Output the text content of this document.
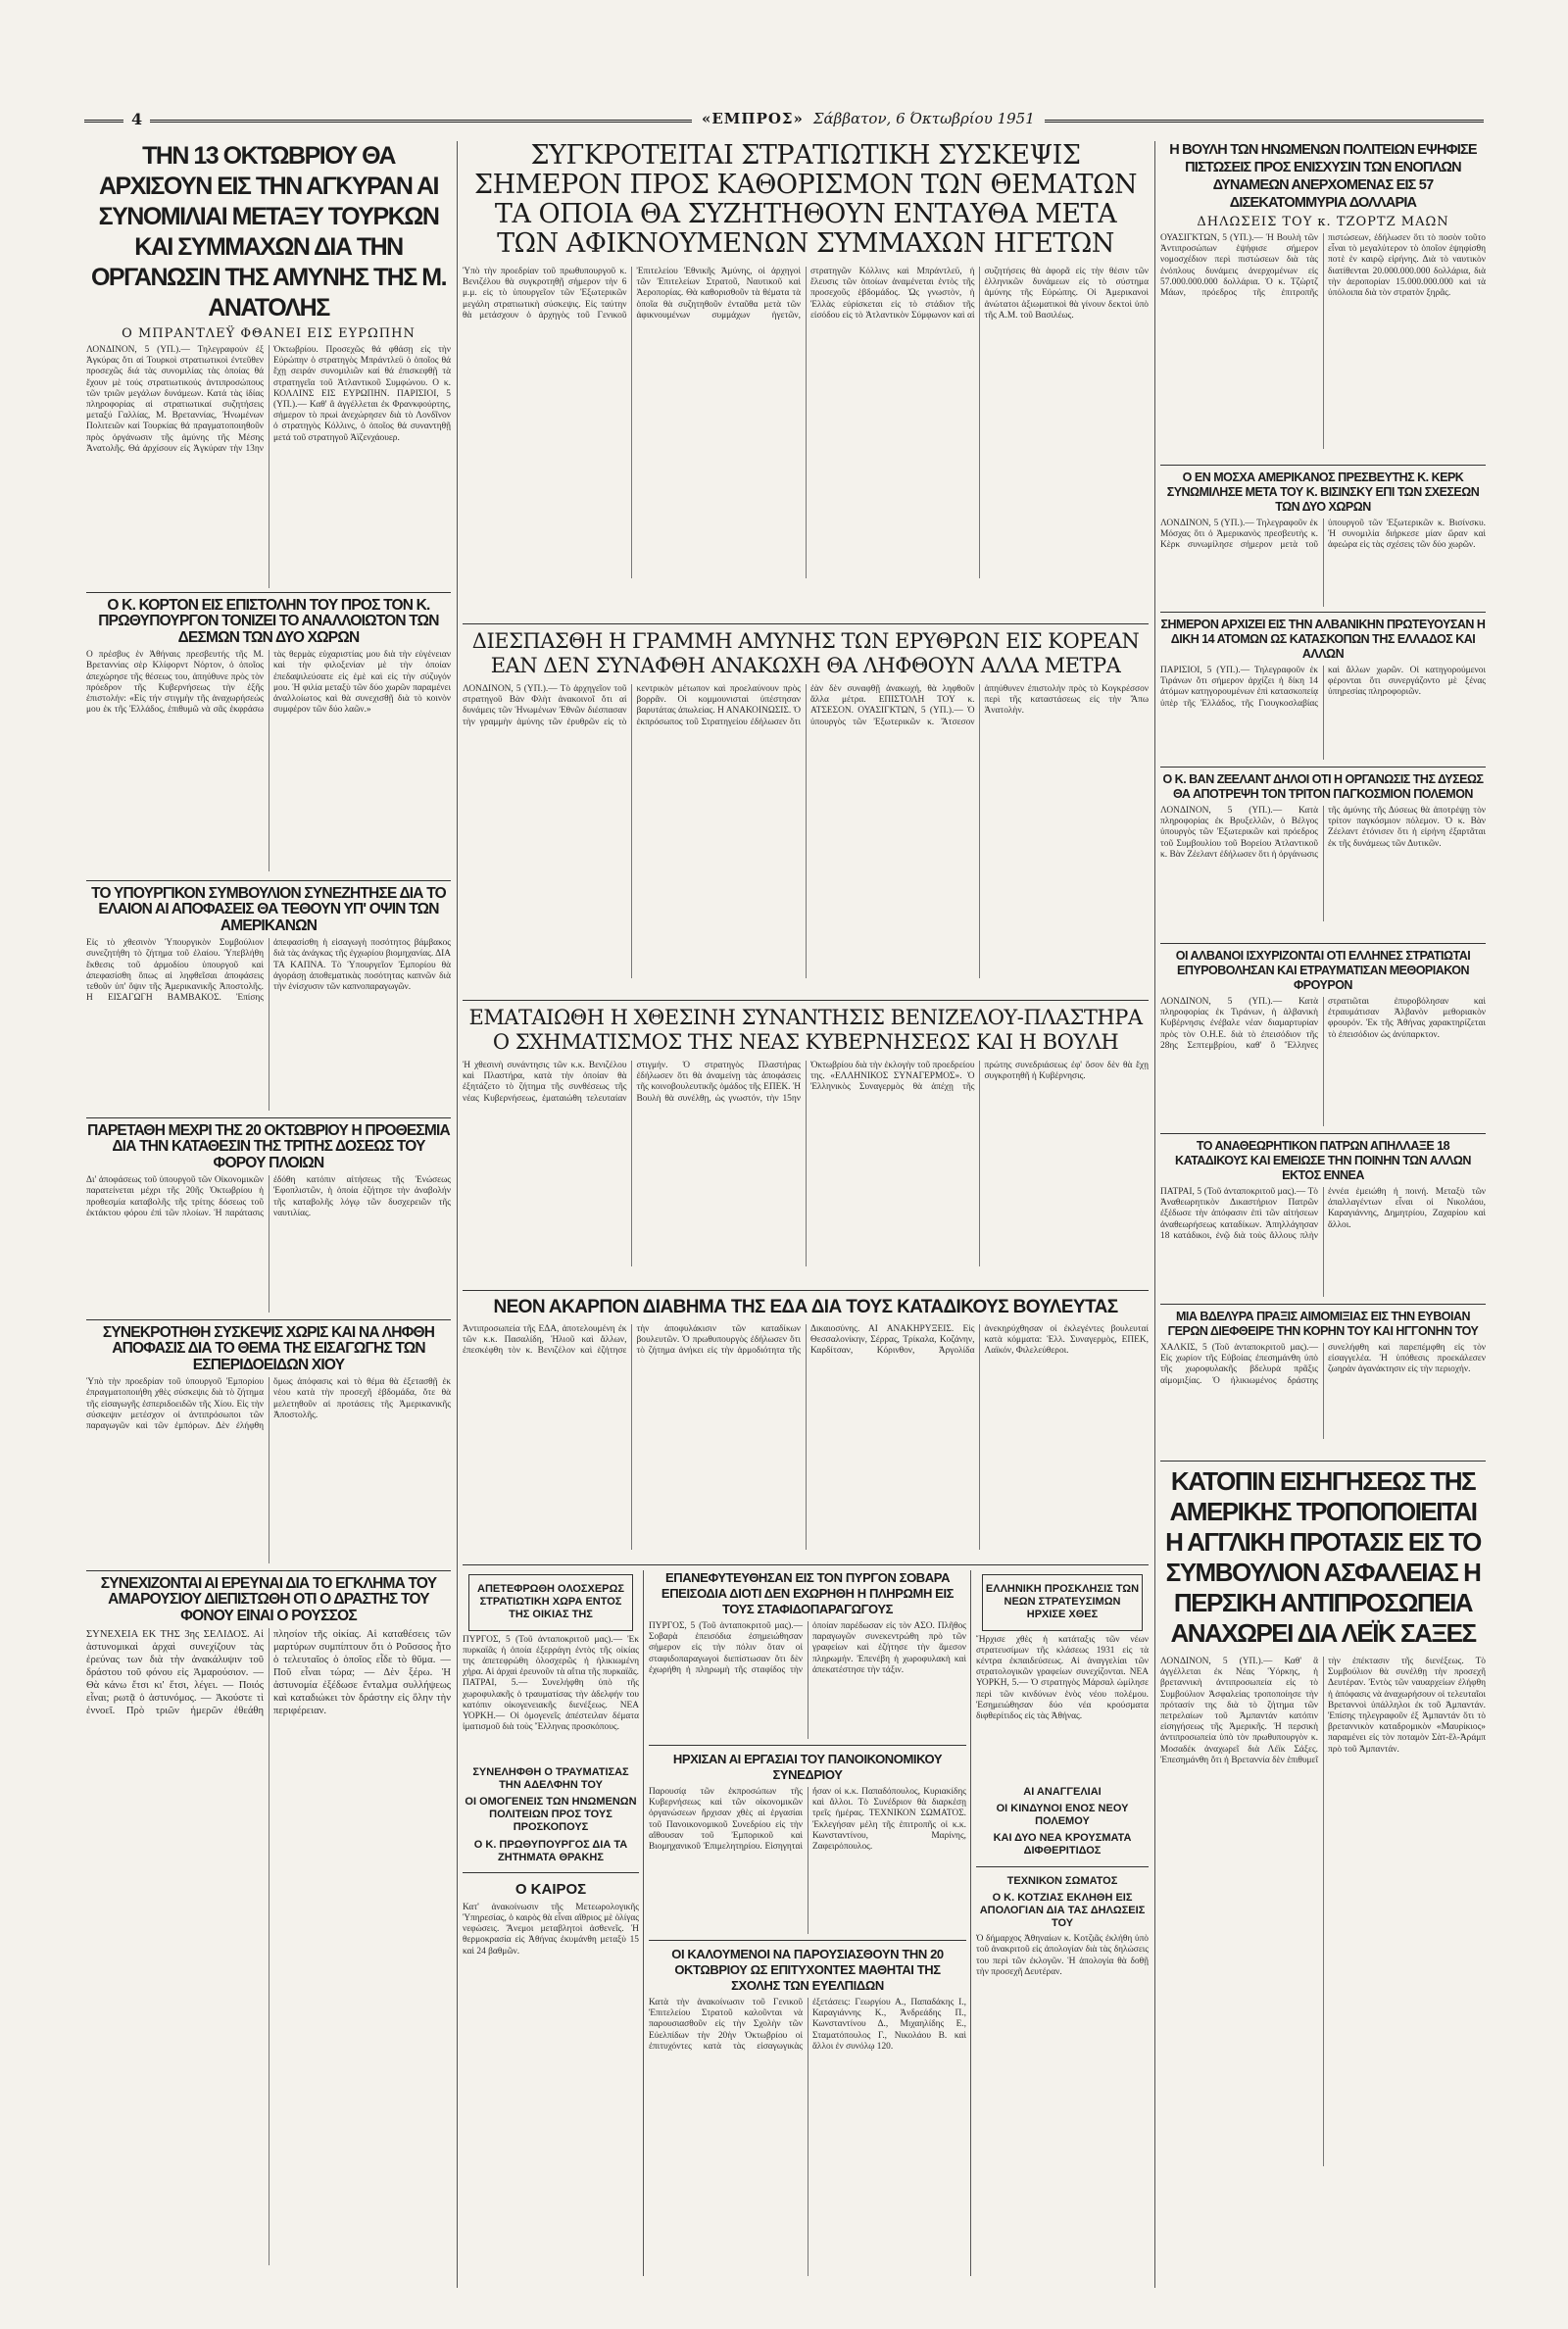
4	«ΕΜΠΡΟΣ» Σάββατον, 6 Όκτωβρίου 1951
ΤΗΝ 13 ΟΚΤΩΒΡΙΟΥ ΘΑ ΑΡΧΙΣΟΥΝ ΕΙΣ ΤΗΝ ΑΓΚΥΡΑΝ ΑΙ ΣΥΝΟΜΙΛΙΑΙ ΜΕΤΑΞΥ ΤΟΥΡΚΩΝ ΚΑΙ ΣΥΜΜΑΧΩΝ ΔΙΑ ΤΗΝ ΟΡΓΑΝΩΣΙΝ ΤΗΣ ΑΜΥΝΗΣ ΤΗΣ Μ. ΑΝΑΤΟΛΗΣ
Ο ΜΠΡΑΝΤΛΕΫ ΦΘΑΝΕΙ ΕΙΣ ΕΥΡΩΠΗΝ
ΛΟΝΔΙΝΟΝ, 5 (ΥΠ.).— Τηλεγραφούν ἐξ Ἀγκύρας ὅτι αἱ Τουρκοὶ στρατιωτικοὶ ἐντεῦθεν προσεχῶς διά τὰς συνομιλίας τὰς ὁποίας θά ἔχουν μὲ τούς στρατιωτικούς ἀντιπροσώπους τῶν τριῶν μεγάλων δυνάμεων. Κατά τὰς ἰδίας πληροφορίας αἱ στρατιωτικαί συζητήσεις μεταξύ Γαλλίας, Μ. Βρεταννίας, Ἡνωμένων Πολιτειῶν καί Τουρκίας θά πραγματοποιηθοῦν πρὸς ὀργάνωσιν τῆς ἀμύνης τῆς Μέσης Ἀνατολῆς. Θά ἀρχίσουν εἰς Ἀγκύραν τὴν 13ην Ὀκτωβρίου. Προσεχῶς θά φθάσῃ εἰς τὴν Εὐρώπην ὁ στρατηγὸς Μπράντλεϋ ὁ ὁποῖος θά ἔχῃ σειράν συνομιλιῶν καί θά ἐπισκεφθῇ τὰ στρατηγεῖα τοῦ Ἀτλαντικοῦ Συμφώνου. Ο κ. ΚΟΛΛΙΝΣ ΕΙΣ ΕΥΡΩΠΗΝ. ΠΑΡΙΣΙΟΙ, 5 (ΥΠ.).— Καθ' ἃ ἀγγέλλεται ἐκ Φρανκφούρτης, σήμερον τὸ πρωὶ ἀνεχώρησεν διὰ τὸ Λονδῖνον ὁ στρατηγὸς Κόλλινς, ὁ ὁποῖος θά συναντηθῇ μετά τοῦ στρατηγοῦ Ἀϊζενχάουερ.
Ο Κ. ΚΟΡΤΟΝ ΕΙΣ ΕΠΙΣΤΟΛΗΝ ΤΟΥ ΠΡΟΣ ΤΟΝ Κ. ΠΡΩΘΥΠΟΥΡΓΟΝ ΤΟΝΙΖΕΙ ΤΟ ΑΝΑΛΛΟΙΩΤΟΝ ΤΩΝ ΔΕΣΜΩΝ ΤΩΝ ΔΥΟ ΧΩΡΩΝ
Ο πρέσβυς ἐν Ἀθήναις πρεσβευτής τῆς Μ. Βρεταννίας σὲρ Κλίφορντ Νόρτον, ὁ ὁποῖος ἀπεχώρησε τῆς θέσεως του, ἀπηύθυνε πρὸς τὸν πρόεδρον τῆς Κυβερνήσεως τὴν ἑξῆς ἐπιστολήν: «Εἰς τήν στιγμὴν τῆς ἀναχωρήσεώς μου ἐκ τῆς Ἑλλάδος, ἐπιθυμῶ νὰ σᾶς ἐκφράσω τὰς θερμὰς εὐχαριστίας μου διὰ τὴν εὐγένειαν καὶ τὴν φιλοξενίαν μὲ τὴν ὁποίαν ἐπεδαψιλεύσατε εἰς ἐμὲ καὶ εἰς τὴν σύζυγόν μου. Ἡ φιλία μεταξὺ τῶν δύο χωρῶν παραμένει ἀναλλοίωτος καὶ θὰ συνεχισθῇ διὰ τὸ κοινὸν συμφέρον τῶν δύο λαῶν.»
ΤΟ ΥΠΟΥΡΓΙΚΟΝ ΣΥΜΒΟΥΛΙΟΝ ΣΥΝΕΖΗΤΗΣΕ ΔΙΑ ΤΟ ΕΛΑΙΟΝ ΑΙ ΑΠΟΦΑΣΕΙΣ ΘΑ ΤΕΘΟΥΝ ΥΠ' ΟΨΙΝ ΤΩΝ ΑΜΕΡΙΚΑΝΩΝ
Εἰς τὸ χθεσινὸν Ὑπουργικὸν Συμβούλιον συνεζητήθη τὸ ζήτημα τοῦ ἐλαίου. Ὑπεβλήθη ἔκθεσις τοῦ ἁρμοδίου ὑπουργοῦ καὶ ἀπεφασίσθη ὅπως αἱ ληφθεῖσαι ἀποφάσεις τεθοῦν ὑπ' ὄψιν τῆς Ἀμερικανικῆς Ἀποστολῆς. Η ΕΙΣΑΓΩΓΗ ΒΑΜΒΑΚΟΣ. Ἐπίσης ἀπεφασίσθη ἡ εἰσαγωγὴ ποσότητος βάμβακος διὰ τὰς ἀνάγκας τῆς ἐγχωρίου βιομηχανίας. ΔΙΑ ΤΑ ΚΑΠΝΑ. Τὸ Ὑπουργεῖον Ἐμπορίου θὰ ἀγοράσῃ ἀποθεματικὰς ποσότητας καπνῶν διὰ τὴν ἐνίσχυσιν τῶν καπνοπαραγωγῶν.
ΠΑΡΕΤΑΘΗ ΜΕΧΡΙ ΤΗΣ 20 ΟΚΤΩΒΡΙΟΥ Η ΠΡΟΘΕΣΜΙΑ ΔΙΑ ΤΗΝ ΚΑΤΑΘΕΣΙΝ ΤΗΣ ΤΡΙΤΗΣ ΔΟΣΕΩΣ ΤΟΥ ΦΟΡΟΥ ΠΛΟΙΩΝ
Δι' ἀποφάσεως τοῦ ὑπουργοῦ τῶν Οἰκονομικῶν παρατείνεται μέχρι τῆς 20ῆς Ὀκτωβρίου ἡ προθεσμία καταβολῆς τῆς τρίτης δόσεως τοῦ ἐκτάκτου φόρου ἐπὶ τῶν πλοίων. Ἡ παράτασις ἐδόθη κατόπιν αἰτήσεως τῆς Ἑνώσεως Ἐφοπλιστῶν, ἡ ὁποία ἐζήτησε τὴν ἀναβολήν τῆς καταβολῆς λόγῳ τῶν δυσχερειῶν τῆς ναυτιλίας.
ΣΥΝΕΚΡΟΤΗΘΗ ΣΥΣΚΕΨΙΣ ΧΩΡΙΣ ΚΑΙ ΝΑ ΛΗΦΘΗ ΑΠΟΦΑΣΙΣ ΔΙΑ ΤΟ ΘΕΜΑ ΤΗΣ ΕΙΣΑΓΩΓΗΣ ΤΩΝ ΕΣΠΕΡΙΔΟΕΙΔΩΝ ΧΙΟΥ
Ὑπὸ τὴν προεδρίαν τοῦ ὑπουργοῦ Ἐμπορίου ἐπραγματοποιήθη χθὲς σύσκεψις διὰ τὸ ζήτημα τῆς εἰσαγωγῆς ἐσπεριδοειδῶν τῆς Χίου. Εἰς τὴν σύσκεψιν μετέσχον οἱ ἀντιπρόσωποι τῶν παραγωγῶν καὶ τῶν ἐμπόρων. Δὲν ἐλήφθη ὅμως ἀπόφασις καὶ τὸ θέμα θὰ ἐξετασθῇ ἐκ νέου κατὰ τὴν προσεχῆ ἑβδομάδα, ὅτε θὰ μελετηθοῦν αἱ προτάσεις τῆς Ἀμερικανικῆς Ἀποστολῆς.
ΣΥΝΕΧΙΖΟΝΤΑΙ ΑΙ ΕΡΕΥΝΑΙ ΔΙΑ ΤΟ ΕΓΚΛΗΜΑ ΤΟΥ ΑΜΑΡΟΥΣΙΟΥ ΔΙΕΠΙΣΤΩΘΗ ΟΤΙ Ο ΔΡΑΣΤΗΣ ΤΟΥ ΦΟΝΟΥ ΕΙΝΑΙ Ο ΡΟΥΣΣΟΣ
ΣΥΝΕΧΕΙΑ ΕΚ ΤΗΣ 3ης ΣΕΛΙΔΟΣ. Αἱ ἀστυνομικαὶ ἀρχαὶ συνεχίζουν τὰς ἐρεύνας των διὰ τὴν ἀνακάλυψιν τοῦ δράστου τοῦ φόνου εἰς Ἀμαρούσιον. — Θὰ κάνω ἔτσι κι' ἔτσι, λέγει. — Ποιός εἶναι; ρωτᾷ ὁ ἀστυνόμος. — Ἀκούστε τὶ ἐννοεῖ. Πρὸ τριῶν ἡμερῶν ἐθεάθη πλησίον τῆς οἰκίας. Αἱ καταθέσεις τῶν μαρτύρων συμπίπτουν ὅτι ὁ Ροῦσσος ἦτο ὁ τελευταῖος ὁ ὁποῖος εἶδε τὸ θῦμα. — Ποῦ εἶναι τώρα; — Δὲν ξέρω. Ἡ ἀστυνομία ἐξέδωσε ἔνταλμα συλλήψεως καὶ καταδιώκει τὸν δράστην εἰς ὅλην τὴν περιφέρειαν.
ΣΥΓΚΡΟΤΕΙΤΑΙ ΣΤΡΑΤΙΩΤΙΚΗ ΣΥΣΚΕΨΙΣ ΣΗΜΕΡΟΝ ΠΡΟΣ ΚΑΘΟΡΙΣΜΟΝ ΤΩΝ ΘΕΜΑΤΩΝ ΤΑ ΟΠΟΙΑ ΘΑ ΣΥΖΗΤΗΘΟΥΝ ΕΝΤΑΥΘΑ ΜΕΤΑ ΤΩΝ ΑΦΙΚΝΟΥΜΕΝΩΝ ΣΥΜΜΑΧΩΝ ΗΓΕΤΩΝ
Ὑπὸ τὴν προεδρίαν τοῦ πρωθυπουργοῦ κ. Βενιζέλου θὰ συγκροτηθῇ σήμερον τὴν 6 μ.μ. εἰς τὸ ὑπουργεῖον τῶν Ἐξωτερικῶν μεγάλη στρατιωτικὴ σύσκεψις. Εἰς ταύτην θὰ μετάσχουν ὁ ἀρχηγὸς τοῦ Γενικοῦ Ἐπιτελείου Ἐθνικῆς Ἀμύνης, οἱ ἀρχηγοὶ τῶν Ἐπιτελείων Στρατοῦ, Ναυτικοῦ καὶ Ἀεροπορίας. Θὰ καθορισθοῦν τὰ θέματα τὰ ὁποῖα θὰ συζητηθοῦν ἐνταῦθα μετὰ τῶν ἀφικνουμένων συμμάχων ἡγετῶν, στρατηγῶν Κόλλινς καὶ Μπράντλεϋ, ἡ ἔλευσις τῶν ὁποίων ἀναμένεται ἐντὸς τῆς προσεχοῦς ἑβδομάδος. Ὡς γνωστὸν, ἡ Ἑλλὰς εὑρίσκεται εἰς τὸ στάδιον τῆς εἰσόδου εἰς τὸ Ἀτλαντικὸν Σύμφωνον καὶ αἱ συζητήσεις θὰ ἀφορᾶ εἰς τὴν θέσιν τῶν ἑλληνικῶν δυνάμεων εἰς τὸ σύστημα ἀμύνης τῆς Εὐρώπης. Οἱ Ἀμερικανοὶ ἀνώτατοι ἀξιωματικοὶ θὰ γίνουν δεκτοὶ ὑπὸ τῆς Α.Μ. τοῦ Βασιλέως.
ΔΙΕΣΠΑΣΘΗ Η ΓΡΑΜΜΗ ΑΜΥΝΗΣ ΤΩΝ ΕΡΥΘΡΩΝ ΕΙΣ ΚΟΡΕΑΝ ΕΑΝ ΔΕΝ ΣΥΝΑΦΘΗ ΑΝΑΚΩΧΗ ΘΑ ΛΗΦΘΟΥΝ ΑΛΛΑ ΜΕΤΡΑ
ΛΟΝΔΙΝΟΝ, 5 (ΥΠ.).— Τὸ ἀρχηγεῖον τοῦ στρατηγοῦ Βὰν Φλὴτ ἀνακοινοῖ ὅτι αἱ δυνάμεις τῶν Ἡνωμένων Ἐθνῶν διέσπασαν τὴν γραμμὴν ἀμύνης τῶν ἐρυθρῶν εἰς τὸ κεντρικὸν μέτωπον καὶ προελαύνουν πρὸς βορρᾶν. Οἱ κομμουνισταὶ ὑπέστησαν βαρυτάτας ἀπωλείας. Η ΑΝΑΚΟΙΝΩΣΙΣ. Ὁ ἐκπρόσωπος τοῦ Στρατηγείου ἐδήλωσεν ὅτι ἐὰν δὲν συναφθῇ ἀνακωχή, θὰ ληφθοῦν ἄλλα μέτρα. ΕΠΙΣΤΟΛΗ ΤΟΥ κ. ΑΤΣΕΣΟΝ. ΟΥΑΣΙΓΚΤΩΝ, 5 (ΥΠ.).— Ὁ ὑπουργὸς τῶν Ἐξωτερικῶν κ. Ἄτσεσον ἀπηύθυνεν ἐπιστολὴν πρὸς τὸ Κογκρέσσον περὶ τῆς καταστάσεως εἰς τὴν Ἄπω Ἀνατολὴν.
ΕΜΑΤΑΙΩΘΗ Η ΧΘΕΣΙΝΗ ΣΥΝΑΝΤΗΣΙΣ ΒΕΝΙΖΕΛΟΥ-ΠΛΑΣΤΗΡΑ Ο ΣΧΗΜΑΤΙΣΜΟΣ ΤΗΣ ΝΕΑΣ ΚΥΒΕΡΝΗΣΕΩΣ ΚΑΙ Η ΒΟΥΛΗ
Ἡ χθεσινὴ συνάντησις τῶν κ.κ. Βενιζέλου καὶ Πλαστήρα, κατὰ τὴν ὁποίαν θὰ ἐξητάζετο τὸ ζήτημα τῆς συνθέσεως τῆς νέας Κυβερνήσεως, ἐματαιώθη τελευταίαν στιγμήν. Ὁ στρατηγὸς Πλαστήρας ἐδήλωσεν ὅτι θὰ ἀναμείνῃ τὰς ἀποφάσεις τῆς κοινοβουλευτικῆς ὁμάδος τῆς ΕΠΕΚ. Ἡ Βουλὴ θὰ συνέλθῃ, ὡς γνωστόν, τὴν 15ην Ὀκτωβρίου διὰ τὴν ἐκλογὴν τοῦ προεδρείου της. «ΕΛΛΗΝΙΚΟΣ ΣΥΝΑΓΕΡΜΟΣ». Ὁ Ἑλληνικὸς Συναγερμὸς θὰ ἀπέχῃ τῆς πρώτης συνεδριάσεως ἐφ' ὅσον δὲν θὰ ἔχῃ συγκροτηθῆ ἡ Κυβέρνησις.
ΝΕΟΝ ΑΚΑΡΠΟΝ ΔΙΑΒΗΜΑ ΤΗΣ ΕΔΑ ΔΙΑ ΤΟΥΣ ΚΑΤΑΔΙΚΟΥΣ ΒΟΥΛΕΥΤΑΣ
Ἀντιπροσωπεία τῆς ΕΔΑ, ἀποτελουμένη ἐκ τῶν κ.κ. Πασαλίδη, Ἠλιοῦ καὶ ἄλλων, ἐπεσκέφθη τὸν κ. Βενιζέλον καὶ ἐζήτησε τὴν ἀποφυλάκισιν τῶν καταδίκων βουλευτῶν. Ὁ πρωθυπουργὸς ἐδήλωσεν ὅτι τὸ ζήτημα ἀνήκει εἰς τὴν ἁρμοδιότητα τῆς Δικαιοσύνης. ΑΙ ΑΝΑΚΗΡΥΞΕΙΣ. Εἰς Θεσσαλονίκην, Σέρρας, Τρίκαλα, Κοζάνην, Καρδίτσαν, Κόρινθον, Ἀργολίδα ἀνεκηρύχθησαν οἱ ἐκλεγέντες βουλευταί κατὰ κόμματα: Ἑλλ. Συναγερμὸς, ΕΠΕΚ, Λαϊκόν, Φιλελεύθεροι.
ΑΠΕΤΕΦΡΩΘΗ ΟΛΟΣΧΕΡΩΣ ΣΤΡΑΤΙΩΤΙΚΗ ΧΩΡΑ ΕΝΤΟΣ ΤΗΣ ΟΙΚΙΑΣ ΤΗΣ
ΠΥΡΓΟΣ, 5 (Τοῦ ἀνταποκριτοῦ μας).— Ἐκ πυρκαϊᾶς ἡ ὁποία ἐξερράγη ἐντὸς τῆς οἰκίας της ἀπετεφρώθη ὁλοσχερῶς ἡ ἡλικιωμένη χήρα. Αἱ ἀρχαὶ ἐρευνοῦν τὰ αἴτια τῆς πυρκαϊᾶς. ΠΑΤΡΑΙ, 5.— Συνελήφθη ὑπὸ τῆς χωροφυλακῆς ὁ τραυματίσας τὴν ἀδελφήν του κατόπιν οἰκογενειακῆς διενέξεως. ΝΕΑ ΥΟΡΚΗ.— Οἱ ὁμογενεῖς ἀπέστειλαν δέματα ἱματισμοῦ διὰ τοὺς Ἕλληνας προσκόπους.
ΣΥΝΕΛΗΦΘΗ Ο ΤΡΑΥΜΑΤΙΣΑΣ ΤΗΝ ΑΔΕΛΦΗΝ ΤΟΥ
ΟΙ ΟΜΟΓΕΝΕΙΣ ΤΩΝ ΗΝΩΜΕΝΩΝ ΠΟΛΙΤΕΙΩΝ ΠΡΟΣ ΤΟΥΣ ΠΡΟΣΚΟΠΟΥΣ
Ο Κ. ΠΡΩΘΥΠΟΥΡΓΟΣ ΔΙΑ ΤΑ ΖΗΤΗΜΑΤΑ ΘΡΑΚΗΣ
Ο ΚΑΙΡΟΣ
Κατ' ἀνακοίνωσιν τῆς Μετεωρολογικῆς Ὑπηρεσίας, ὁ καιρὸς θὰ εἶναι αἴθριος μὲ ὀλίγας νεφώσεις. Ἄνεμοι μεταβλητοὶ ἀσθενεῖς. Ἡ θερμοκρασία εἰς Ἀθήνας ἐκυμάνθη μεταξὺ 15 καὶ 24 βαθμῶν.
ΕΠΑΝΕΦΥΤΕΥΘΗΣΑΝ ΕΙΣ ΤΟΝ ΠΥΡΓΟΝ ΣΟΒΑΡΑ ΕΠΕΙΣΟΔΙΑ ΔΙΟΤΙ ΔΕΝ ΕΧΩΡΗΘΗ Η ΠΛΗΡΩΜΗ ΕΙΣ ΤΟΥΣ ΣΤΑΦΙΔΟΠΑΡΑΓΩΓΟΥΣ
ΠΥΡΓΟΣ, 5 (Τοῦ ἀνταποκριτοῦ μας).— Σοβαρὰ ἐπεισόδια ἐσημειώθησαν σήμερον εἰς τὴν πόλιν ὅταν οἱ σταφιδοπαραγωγοὶ διεπίστωσαν ὅτι δὲν ἐχωρήθη ἡ πληρωμὴ τῆς σταφίδος τὴν ὁποίαν παρέδωσαν εἰς τὸν ΑΣΟ. Πλῆθος παραγωγῶν συνεκεντρώθη πρὸ τῶν γραφείων καὶ ἐζήτησε τὴν ἄμεσον πληρωμήν. Ἐπενέβη ἡ χωροφυλακὴ καὶ ἀπεκατέστησε τὴν τάξιν.
ΗΡΧΙΣΑΝ ΑΙ ΕΡΓΑΣΙΑΙ ΤΟΥ ΠΑΝΟΙΚΟΝΟΜΙΚΟΥ ΣΥΝΕΔΡΙΟΥ
Παρουσίᾳ τῶν ἐκπροσώπων τῆς Κυβερνήσεως καὶ τῶν οἰκονομικῶν ὀργανώσεων ἤρχισαν χθὲς αἱ ἐργασίαι τοῦ Πανοικονομικοῦ Συνεδρίου εἰς τὴν αἴθουσαν τοῦ Ἐμπορικοῦ καὶ Βιομηχανικοῦ Ἐπιμελητηρίου. Εἰσηγηταὶ ἦσαν οἱ κ.κ. Παπαδόπουλος, Κυριακίδης καὶ ἄλλοι. Τὸ Συνέδριον θὰ διαρκέσῃ τρεῖς ἡμέρας. ΤΕΧΝΙΚΟΝ ΣΩΜΑΤΟΣ. Ἐκλεγήσαν μέλη τῆς ἐπιτροπῆς οἱ κ.κ. Κωνσταντίνου, Μαρίνης, Ζαφειρόπουλος.
ΟΙ ΚΑΛΟΥΜΕΝΟΙ ΝΑ ΠΑΡΟΥΣΙΑΣΘΟΥΝ ΤΗΝ 20 ΟΚΤΩΒΡΙΟΥ ΩΣ ΕΠΙΤΥΧΟΝΤΕΣ ΜΑΘΗΤΑΙ ΤΗΣ ΣΧΟΛΗΣ ΤΩΝ ΕΥΕΛΠΙΔΩΝ
Κατὰ τὴν ἀνακοίνωσιν τοῦ Γενικοῦ Ἐπιτελείου Στρατοῦ καλοῦνται νὰ παρουσιασθοῦν εἰς τὴν Σχολὴν τῶν Εὐελπίδων τὴν 20ὴν Ὀκτωβρίου οἱ ἐπιτυχόντες κατὰ τὰς εἰσαγωγικὰς ἐξετάσεις: Γεωργίου Α., Παπαδάκης Ι., Καραγιάννης Κ., Ἀνδρεάδης Π., Κωνσταντίνου Δ., Μιχαηλίδης Ε., Σταματόπουλος Γ., Νικολάου Β. καὶ ἄλλοι ἐν συνόλῳ 120.
ΕΛΛΗΝΙΚΗ ΠΡΟΣΚΛΗΣΙΣ ΤΩΝ ΝΕΩΝ ΣΤΡΑΤΕΥΣΙΜΩΝ ΗΡΧΙΣΕ ΧΘΕΣ
Ἤρχισε χθὲς ἡ κατάταξις τῶν νέων στρατευσίμων τῆς κλάσεως 1931 εἰς τὰ κέντρα ἐκπαιδεύσεως. Αἱ ἀναγγελίαι τῶν στρατολογικῶν γραφείων συνεχίζονται. ΝΕΑ ΥΟΡΚΗ, 5.— Ὁ στρατηγὸς Μάρσαλ ὡμίλησε περὶ τῶν κινδύνων ἑνὸς νέου πολέμου. Ἐσημειώθησαν δύο νέα κρούσματα διφθερίτιδος εἰς τὰς Ἀθήνας.
ΑΙ ΑΝΑΓΓΕΛΙΑΙ
ΟΙ ΚΙΝΔΥΝΟΙ ΕΝΟΣ ΝΕΟΥ ΠΟΛΕΜΟΥ
ΚΑΙ ΔΥΟ ΝΕΑ ΚΡΟΥΣΜΑΤΑ ΔΙΦΘΕΡΙΤΙΔΟΣ
ΤΕΧΝΙΚΟΝ ΣΩΜΑΤΟΣ
Ο Κ. ΚΟΤΖΙΑΣ ΕΚΛΗΘΗ ΕΙΣ ΑΠΟΛΟΓΙΑΝ ΔΙΑ ΤΑΣ ΔΗΛΩΣΕΙΣ ΤΟΥ
Ὁ δήμαρχος Ἀθηναίων κ. Κοτζιᾶς ἐκλήθη ὑπὸ τοῦ ἀνακριτοῦ εἰς ἀπολογίαν διὰ τὰς δηλώσεις του περὶ τῶν ἐκλογῶν. Ἡ ἀπολογία θὰ δοθῇ τὴν προσεχῆ Δευτέραν.
Η ΒΟΥΛΗ ΤΩΝ ΗΝΩΜΕΝΩΝ ΠΟΛΙΤΕΙΩΝ ΕΨΗΦΙΣΕ ΠΙΣΤΩΣΕΙΣ ΠΡΟΣ ΕΝΙΣΧΥΣΙΝ ΤΩΝ ΕΝΟΠΛΩΝ ΔΥΝΑΜΕΩΝ ΑΝΕΡΧΟΜΕΝΑΣ ΕΙΣ 57 ΔΙΣΕΚΑΤΟΜΜΥΡΙΑ ΔΟΛΛΑΡΙΑ
ΔΗΛΩΣΕΙΣ ΤΟΥ κ. ΤΖΟΡΤΖ ΜΑΩΝ
ΟΥΑΣΙΓΚΤΩΝ, 5 (ΥΠ.).— Ἡ Βουλὴ τῶν Ἀντιπροσώπων ἐψήφισε σήμερον νομοσχέδιον περὶ πιστώσεων διὰ τὰς ἐνόπλους δυνάμεις ἀνερχομένων εἰς 57.000.000.000 δολλάρια. Ὁ κ. Τζὼρτζ Μάων, πρόεδρος τῆς ἐπιτροπῆς πιστώσεων, ἐδήλωσεν ὅτι τὸ ποσὸν τοῦτο εἶναι τὸ μεγαλύτερον τὸ ὁποῖον ἐψηφίσθη ποτὲ ἐν καιρῷ εἰρήνης. Διὰ τὸ ναυτικὸν διατίθενται 20.000.000.000 δολλάρια, διὰ τὴν ἀεροπορίαν 15.000.000.000 καὶ τὰ ὑπόλοιπα διὰ τὸν στρατὸν ξηρᾶς.
Ο ΕΝ ΜΟΣΧΑ ΑΜΕΡΙΚΑΝΟΣ ΠΡΕΣΒΕΥΤΗΣ Κ. ΚΕΡΚ ΣΥΝΩΜΙΛΗΣΕ ΜΕΤΑ ΤΟΥ Κ. ΒΙΣΙΝΣΚΥ ΕΠΙ ΤΩΝ ΣΧΕΣΕΩΝ ΤΩΝ ΔΥΟ ΧΩΡΩΝ
ΛΟΝΔΙΝΟΝ, 5 (ΥΠ.).— Τηλεγραφοῦν ἐκ Μόσχας ὅτι ὁ Ἀμερικανὸς πρεσβευτὴς κ. Κὲρκ συνωμίλησε σήμερον μετὰ τοῦ ὑπουργοῦ τῶν Ἐξωτερικῶν κ. Βισίνσκυ. Ἡ συνομιλία διήρκεσε μίαν ὥραν καὶ ἀφεώρα εἰς τὰς σχέσεις τῶν δύο χωρῶν.
ΣΗΜΕΡΟΝ ΑΡΧΙΖΕΙ ΕΙΣ ΤΗΝ ΑΛΒΑΝΙΚΗΝ ΠΡΩΤΕΥΟΥΣΑΝ Η ΔΙΚΗ 14 ΑΤΟΜΩΝ ΩΣ ΚΑΤΑΣΚΟΠΩΝ ΤΗΣ ΕΛΛΑΔΟΣ ΚΑΙ ΑΛΛΩΝ
ΠΑΡΙΣΙΟΙ, 5 (ΥΠ.).— Τηλεγραφοῦν ἐκ Τιράνων ὅτι σήμερον ἀρχίζει ἡ δίκη 14 ἀτόμων κατηγορουμένων ἐπὶ κατασκοπείᾳ ὑπὲρ τῆς Ἑλλάδος, τῆς Γιουγκοσλαβίας καὶ ἄλλων χωρῶν. Οἱ κατηγορούμενοι φέρονται ὅτι συνεργάζοντο μὲ ξένας ὑπηρεσίας πληροφοριῶν.
Ο Κ. ΒΑΝ ΖΕΕΛΑΝΤ ΔΗΛΟΙ ΟΤΙ Η ΟΡΓΑΝΩΣΙΣ ΤΗΣ ΔΥΣΕΩΣ ΘΑ ΑΠΟΤΡΕΨΗ ΤΟΝ ΤΡΙΤΟΝ ΠΑΓΚΟΣΜΙΟΝ ΠΟΛΕΜΟΝ
ΛΟΝΔΙΝΟΝ, 5 (ΥΠ.).— Κατὰ πληροφορίας ἐκ Βρυξελλῶν, ὁ Βέλγος ὑπουργὸς τῶν Ἐξωτερικῶν καὶ πρόεδρος τοῦ Συμβουλίου τοῦ Βορείου Ἀτλαντικοῦ κ. Βὰν Ζέελαντ ἐδήλωσεν ὅτι ἡ ὀργάνωσις τῆς ἀμύνης τῆς Δύσεως θὰ ἀποτρέψῃ τὸν τρίτον παγκόσμιον πόλεμον. Ὁ κ. Βὰν Ζέελαντ ἐτόνισεν ὅτι ἡ εἰρήνη ἐξαρτᾶται ἐκ τῆς δυνάμεως τῶν Δυτικῶν.
ΟΙ ΑΛΒΑΝΟΙ ΙΣΧΥΡΙΖΟΝΤΑΙ ΟΤΙ ΕΛΛΗΝΕΣ ΣΤΡΑΤΙΩΤΑΙ ΕΠΥΡΟΒΟΛΗΣΑΝ ΚΑΙ ΕΤΡΑΥΜΑΤΙΣΑΝ ΜΕΘΟΡΙΑΚΟΝ ΦΡΟΥΡΟΝ
ΛΟΝΔΙΝΟΝ, 5 (ΥΠ.).— Κατὰ πληροφορίας ἐκ Τιράνων, ἡ ἀλβανικὴ Κυβέρνησις ἐνέβαλε νέαν διαμαρτυρίαν πρὸς τὸν Ο.Η.Ε. διὰ τὸ ἐπεισόδιον τῆς 28ης Σεπτεμβρίου, καθ' ὃ Ἕλληνες στρατιῶται ἐπυροβόλησαν καὶ ἐτραυμάτισαν Ἀλβανὸν μεθοριακὸν φρουρόν. Ἐκ τῆς Ἀθήνας χαρακτηρίζεται τὸ ἐπεισόδιον ὡς ἀνύπαρκτον.
ΤΟ ΑΝΑΘΕΩΡΗΤΙΚΟΝ ΠΑΤΡΩΝ ΑΠΗΛΛΑΞΕ 18 ΚΑΤΑΔΙΚΟΥΣ ΚΑΙ ΕΜΕΙΩΣΕ ΤΗΝ ΠΟΙΝΗΝ ΤΩΝ ΑΛΛΩΝ ΕΚΤΟΣ ΕΝΝΕΑ
ΠΑΤΡΑΙ, 5 (Τοῦ ἀνταποκριτοῦ μας).— Τὸ Ἀναθεωρητικὸν Δικαστήριον Πατρῶν ἐξέδωσε τὴν ἀπόφασιν ἐπὶ τῶν αἰτήσεων ἀναθεωρήσεως καταδίκων. Ἀπηλλάγησαν 18 κατάδικοι, ἐνῷ διὰ τοὺς ἄλλους πλὴν ἐννέα ἐμειώθη ἡ ποινή. Μεταξὺ τῶν ἀπαλλαγέντων εἶναι οἱ Νικολάου, Καραγιάννης, Δημητρίου, Ζαχαρίου καὶ ἄλλοι.
ΜΙΑ ΒΔΕΛΥΡΑ ΠΡΑΞΙΣ ΑΙΜΟΜΙΞΙΑΣ ΕΙΣ ΤΗΝ ΕΥΒΟΙΑΝ ΓΕΡΩΝ ΔΙΕΦΘΕΙΡΕ ΤΗΝ ΚΟΡΗΝ ΤΟΥ ΚΑΙ ΗΓΓΟΝΗΝ ΤΟΥ
ΧΑΛΚΙΣ, 5 (Τοῦ ἀνταποκριτοῦ μας).— Εἰς χωρίον τῆς Εὐβοίας ἐπεσημάνθη ὑπὸ τῆς χωροφυλακῆς βδελυρὰ πρᾶξις αἱμομιξίας. Ὁ ἡλικιωμένος δράστης συνελήφθη καὶ παρεπέμφθη εἰς τὸν εἰσαγγελέα. Ἡ ὑπόθεσις προεκάλεσεν ζωηρὰν ἀγανάκτησιν εἰς τὴν περιοχήν.
ΚΑΤΟΠΙΝ ΕΙΣΗΓΗΣΕΩΣ ΤΗΣ ΑΜΕΡΙΚΗΣ ΤΡΟΠΟΠΟΙΕΙΤΑΙ Η ΑΓΓΛΙΚΗ ΠΡΟΤΑΣΙΣ ΕΙΣ ΤΟ ΣΥΜΒΟΥΛΙΟΝ ΑΣΦΑΛΕΙΑΣ Η ΠΕΡΣΙΚΗ ΑΝΤΙΠΡΟΣΩΠΕΙΑ ΑΝΑΧΩΡΕΙ ΔΙΑ ΛΕΪΚ ΣΑΞΕΣ
ΛΟΝΔΙΝΟΝ, 5 (ΥΠ.).— Καθ' ἃ ἀγγέλλεται ἐκ Νέας Ὑόρκης, ἡ βρεταννικὴ ἀντιπροσωπεία εἰς τὸ Συμβούλιον Ἀσφαλείας τροποποίησε τὴν πρότασίν της διὰ τὸ ζήτημα τῶν πετρελαίων τοῦ Ἀμπαντάν κατόπιν εἰσηγήσεως τῆς Ἀμερικῆς. Ἡ περσικὴ ἀντιπροσωπεία ὑπὸ τὸν πρωθυπουργὸν κ. Μοσαδέκ ἀναχωρεῖ διὰ Λέϊκ Σάξες. Ἐπεσημάνθη ὅτι ἡ Βρεταννία δὲν ἐπιθυμεῖ τὴν ἐπέκτασιν τῆς διενέξεως. Τὸ Συμβούλιον θὰ συνέλθῃ τὴν προσεχῆ Δευτέραν. Ἐντὸς τῶν ναυαρχείων ἐλήφθη ἡ ἀπόφασις νὰ ἀναχωρήσουν οἱ τελευταῖοι Βρεταννοὶ ὑπάλληλοι ἐκ τοῦ Ἀμπαντάν. Ἐπίσης τηλεγραφοῦν ἐξ Ἀμπαντάν ὅτι τὸ βρεταννικὸν καταδρομικὸν «Μαυρίκιος» παραμένει εἰς τὸν ποταμὸν Σὰτ-ἒλ-Ἀράμπ πρὸ τοῦ Ἀμπαντάν.
